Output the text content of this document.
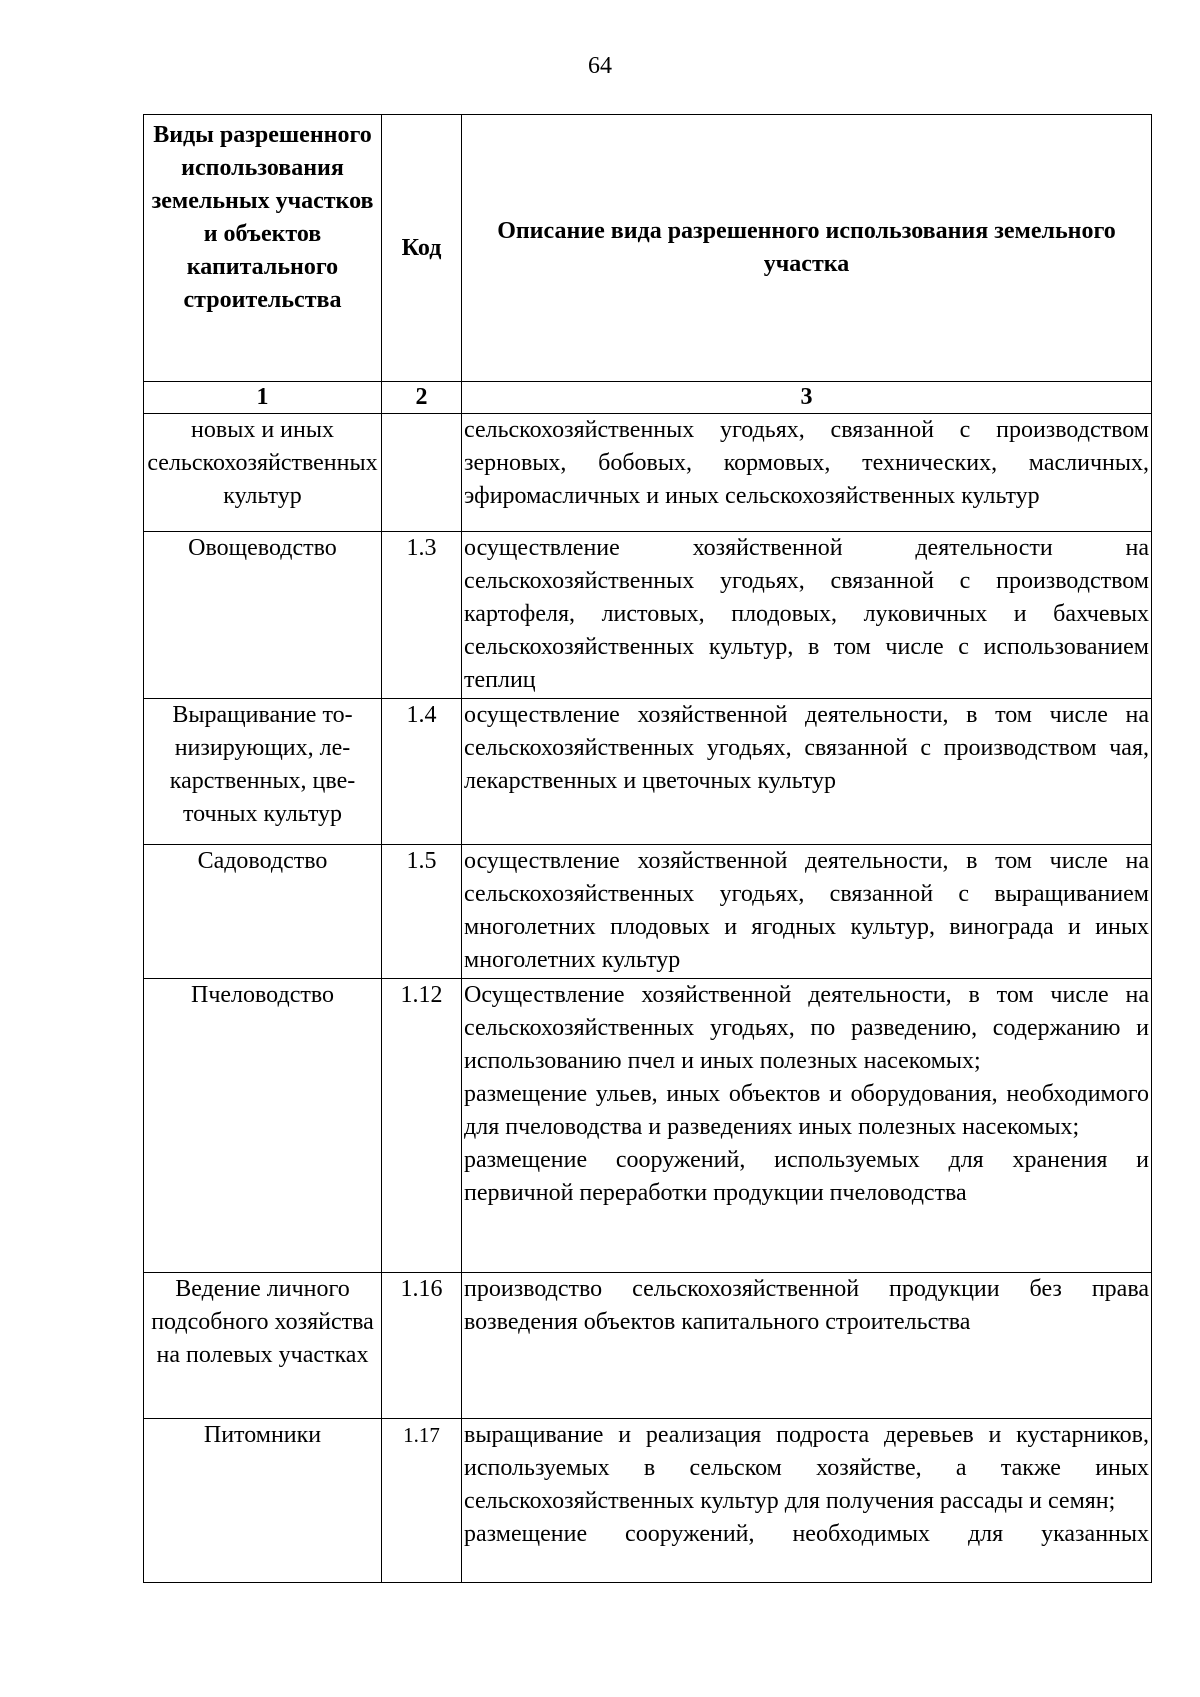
64
Виды разрешенного использования земельных участков и объектов капитального строительства	Код	Описание вида разрешенного использования земельного участка
1	2	3
новых и иных сельскохозяйственных культур		сельскохозяйственных угодьях, связанной с производством зерновых, бобовых, кормовых, технических, масличных, эфиромасличных и иных сельскохозяйственных культур

Овощеводство	1.3	осуществление хозяйственной деятельности на сельскохозяйственных угодьях, связанной с производством картофеля, листовых, плодовых, луковичных и бахчевых сельскохозяйственных культур, в том числе с использованием теплиц

Выращивание тонизирующих, лекарственных, цветочных культур	1.4	осуществление хозяйственной деятельности, в том числе на сельскохозяйственных угодьях, связанной с производством чая, лекарственных и цветочных культур

Садоводство	1.5	осуществление хозяйственной деятельности, в том числе на сельскохозяйственных угодьях, связанной с выращиванием многолетних плодовых и ягодных культур, винограда и иных многолетних культур

Пчеловодство	1.12	Осуществление хозяйственной деятельности, в том числе на сельскохозяйственных угодьях, по разведению, содержанию и использованию пчел и иных полезных насекомых;

размещение ульев, иных объектов и оборудования, необходимого для пчеловодства и разведениях иных полезных насекомых;

размещение сооружений, используемых для хранения и первичной переработки продукции пчеловодства

Ведение личного подсобного хозяйства на полевых участках	1.16	производство сельскохозяйственной продукции без права возведения объектов капитального строительства

Питомники	1.17	выращивание и реализация подроста деревьев и кустарников, используемых в сельском хозяйстве, а также иных сельскохозяйственных культур для получения рассады и семян;

размещение сооружений, необходимых для указанных
